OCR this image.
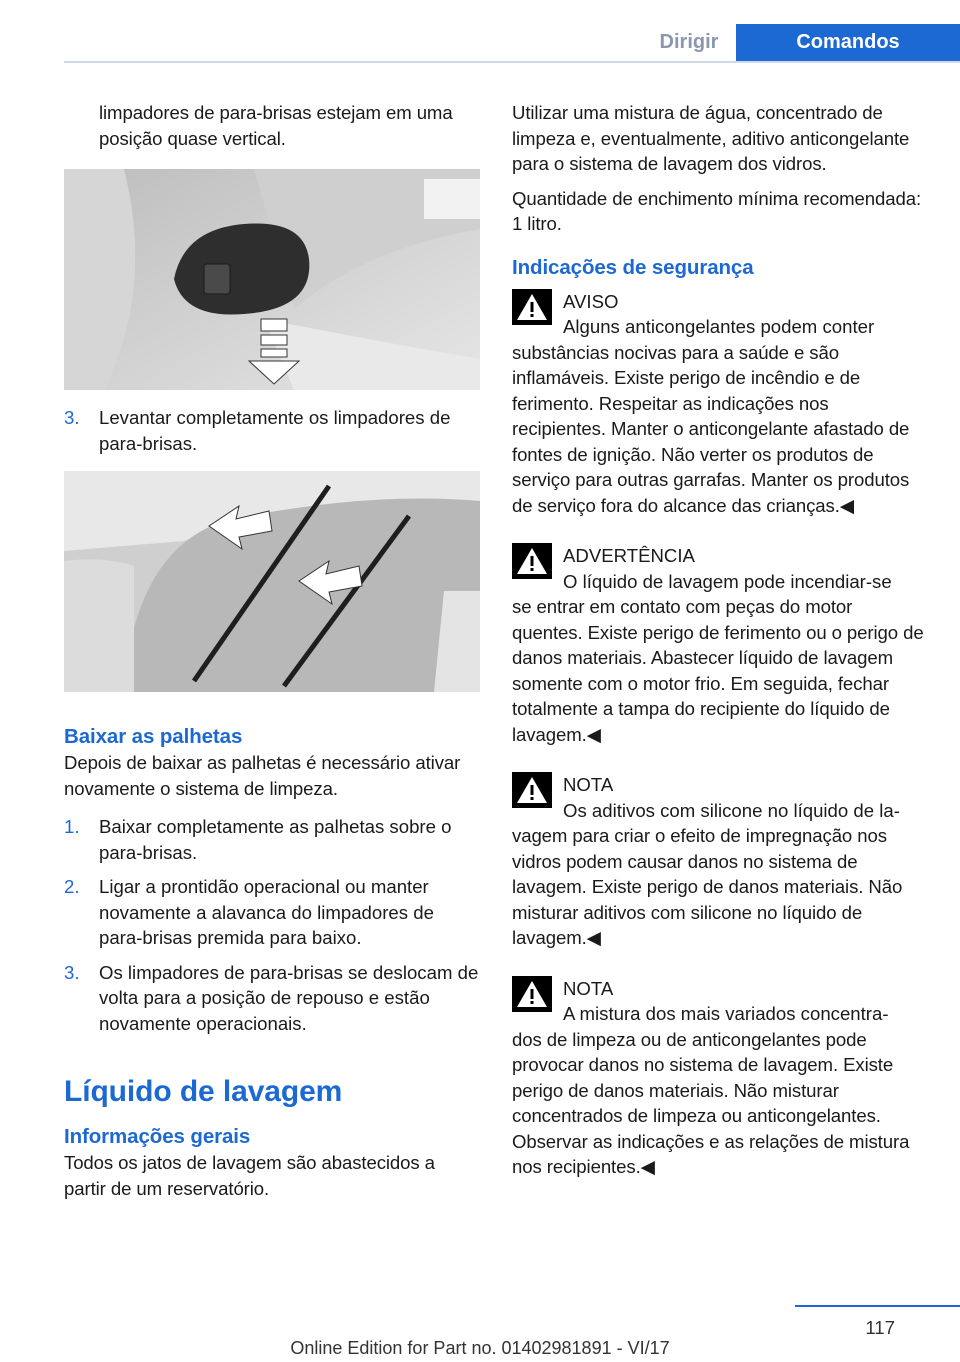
Dirigir	Comandos

limpadores de para-brisas estejam em uma posição quase vertical.

3.	Levantar completamente os limpadores de para-brisas.

Baixar as palhetas

Depois de baixar as palhetas é necessário ativar novamente o sistema de limpeza.

1.	Baixar completamente as palhetas sobre o para-brisas.
2.	Ligar a prontidão operacional ou manter novamente a alavanca do limpadores de para-brisas premida para baixo.
3.	Os limpadores de para-brisas se deslocam de volta para a posição de repouso e estão novamente operacionais.

Líquido de lavagem

Informações gerais

Todos os jatos de lavagem são abastecidos a partir de um reservatório.

Utilizar uma mistura de água, concentrado de limpeza e, eventualmente, aditivo anticongelante para o sistema de lavagem dos vidros.

Quantidade de enchimento mínima recomendada: 1 litro.

Indicações de segurança

AVISO
Alguns anticongelantes podem conter

substâncias nocivas para a saúde e são inflamáveis. Existe perigo de incêndio e de ferimento. Respeitar as indicações nos recipientes. Manter o anticongelante afastado de fontes de ignição. Não verter os produtos de serviço para outras garrafas. Manter os produtos de serviço fora do alcance das crianças.◀

ADVERTÊNCIA
O líquido de lavagem pode incendiar-se

se entrar em contato com peças do motor quentes. Existe perigo de ferimento ou o perigo de danos materiais. Abastecer líquido de lavagem somente com o motor frio. Em seguida, fechar totalmente a tampa do recipiente do líquido de lavagem.◀

NOTA
Os aditivos com silicone no líquido de la-

vagem para criar o efeito de impregnação nos vidros podem causar danos no sistema de lavagem. Existe perigo de danos materiais. Não misturar aditivos com silicone no líquido de lavagem.◀

NOTA
A mistura dos mais variados concentra-

dos de limpeza ou de anticongelantes pode provocar danos no sistema de lavagem. Existe perigo de danos materiais. Não misturar concentrados de limpeza ou anticongelantes. Observar as indicações e as relações de mistura nos recipientes.◀

117
Online Edition for Part no. 01402981891 - VI/17
